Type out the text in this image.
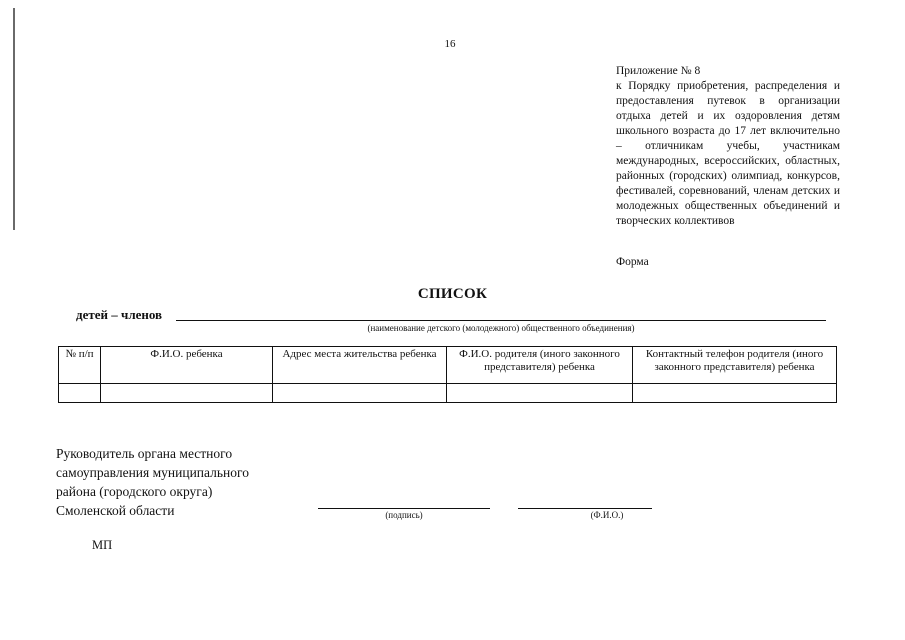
16
Приложение № 8
к Порядку приобретения, распределения и предоставления путевок в организации отдыха детей и их оздоровления детям школьного возраста до 17 лет включительно – отличникам учебы, участникам международных, всероссийских, областных, районных (городских) олимпиад, конкурсов, фестивалей, соревнований, членам детских и молодежных общественных объединений и творческих коллективов
Форма
СПИСОК
детей – членов
(наименование детского (молодежного) общественного объединения)
№ п/п	Ф.И.О. ребенка	Адрес места жительства ребенка	Ф.И.О. родителя (иного законного представителя) ребенка	Контактный телефон родителя (иного законного представителя) ребенка

Руководитель органа местного
самоуправления муниципального
района (городского округа)
Смоленской области	(подпись)	(Ф.И.О.)
МП
